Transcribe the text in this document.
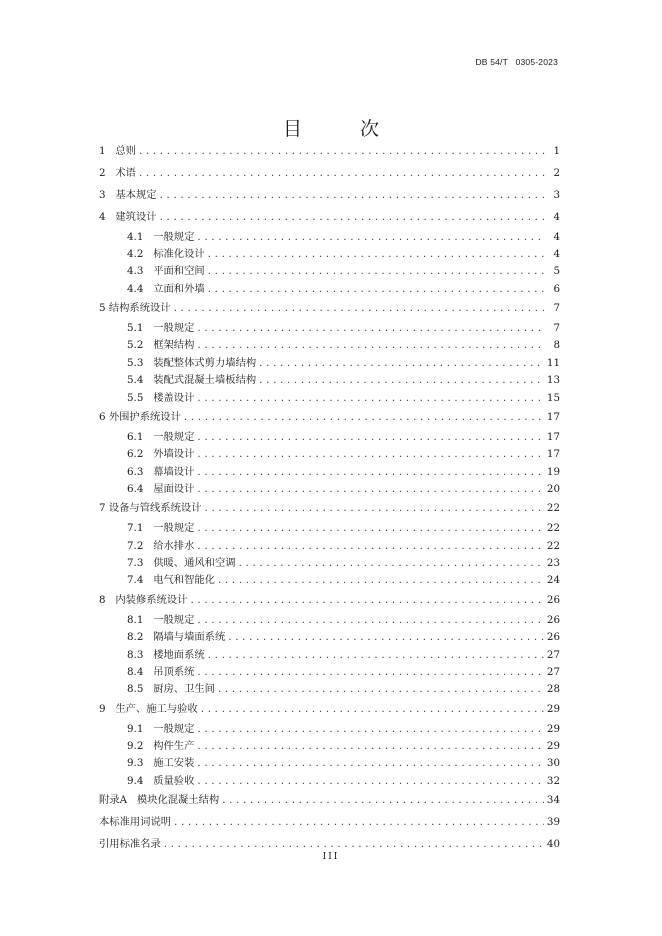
DB 54/T   0305-2023
目 次
1 总则 . . .	1
2 术语 . . .	2
3 基本规定 . . .	3
4 建筑设计 . . .	4
4.1 一般规定 . . .	4
4.2 标准化设计 . . .	4
4.3 平面和空间 . . .	5
4.4 立面和外墙 . . .	6
5 结构系统设计 . . .	7
5.1 一般规定 . . .	7
5.2 框架结构 . . .	8
5.3 装配整体式剪力墙结构 . . .	11
5.4 装配式混凝土墙板结构 . . .	13
5.5 楼盖设计 . . .	15
6 外围护系统设计 . . .	17
6.1 一般规定 . . .	17
6.2 外墙设计 . . .	17
6.3 幕墙设计 . . .	19
6.4 屋面设计 . . .	20
7 设备与管线系统设计 . . .	22
7.1 一般规定 . . .	22
7.2 给水排水 . . .	22
7.3 供暖、通风和空调 . . .	23
7.4 电气和智能化 . . .	24
8 内装修系统设计 . . .	26
8.1 一般规定 . . .	26
8.2 隔墙与墙面系统 . . .	26
8.3 楼地面系统 . . .	27
8.4 吊顶系统 . . .	27
8.5 厨房、卫生间 . . .	28
9 生产、施工与验收 . . .	29
9.1 一般规定 . . .	29
9.2 构件生产 . . .	29
9.3 施工安装 . . .	30
9.4 质量验收 . . .	32
附录A 模块化混凝土结构 . . .	34
本标准用词说明 . . .	39
引用标准名录 . . .	40
III
